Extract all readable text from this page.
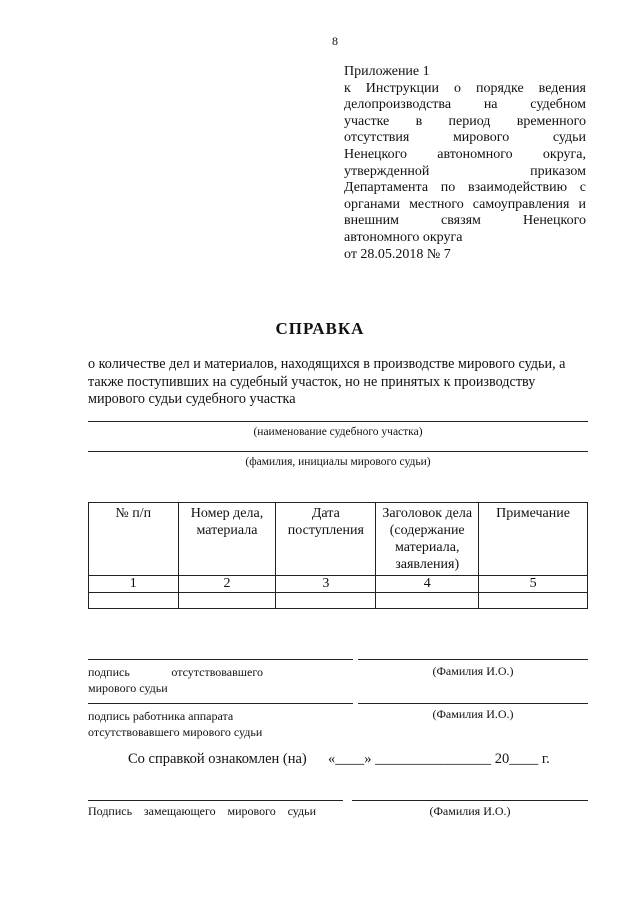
8
Приложение 1
к Инструкции о порядке ведения
делопроизводства на судебном
участке в период временного
отсутствия мирового судьи
Ненецкого автономного округа,
утвержденной приказом
Департамента по взаимодействию с
органами местного самоуправления и
внешним связям Ненецкого
автономного округа
от 28.05.2018 № 7
СПРАВКА
о количестве дел и материалов, находящихся в производстве мирового судьи, а также поступивших на судебный участок, но не принятых к производству мирового судьи судебного участка
(наименование судебного участка)
(фамилия, инициалы мирового судьи)
№ п/п	Номер дела, материала	Дата поступления	Заголовок дела (содержание материала, заявления)	Примечание
1	2	3	4	5

подпись отсутствовавшего
мирового судьи
(Фамилия И.О.)
подпись работника аппарата
отсутствовавшего мирового судьи
(Фамилия И.О.)
Со справкой ознакомлен (на) «____» ________________ 20____ г.
Подпись замещающего мирового судьи	(Фамилия И.О.)
